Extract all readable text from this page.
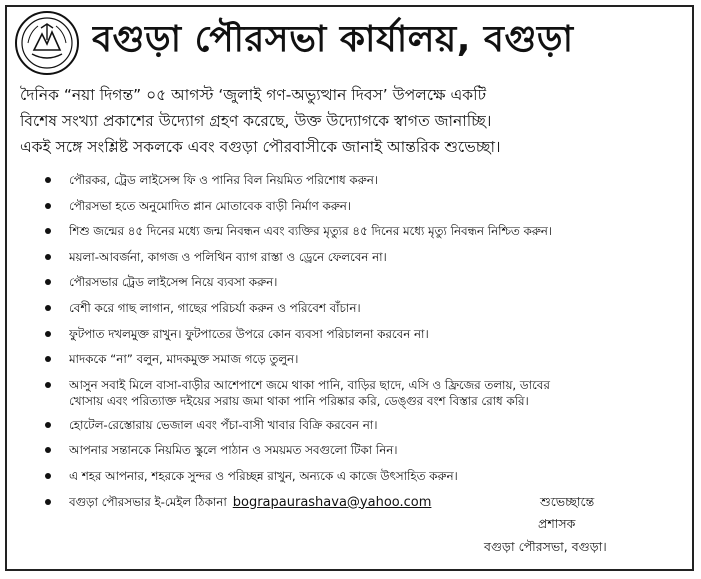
বগুড়া পৌরসভা কার্যালয়, বগুড়া
দৈনিক “নয়া দিগন্ত” ০৫ আগস্ট ‘জুলাই গণ-অভ্যুত্থান দিবস’ উপলক্ষে একটি
বিশেষ সংখ্যা প্রকাশের উদ্যোগ গ্রহণ করেছে, উক্ত উদ্যোগকে স্বাগত জানাচ্ছি।
একই সঙ্গে সংশ্লিষ্ট সকলকে এবং বগুড়া পৌরবাসীকে জানাই আন্তরিক শুভেচ্ছা।
পৌরকর, ট্রেড লাইসেন্স ফি ও পানির বিল নিয়মিত পরিশোধ করুন।
পৌরসভা হতে অনুমোদিত প্লান মোতাবেক বাড়ী নির্মাণ করুন।
শিশু জন্মের ৪৫ দিনের মধ্যে জন্ম নিবন্ধন এবং ব্যক্তির মৃত্যুর ৪৫ দিনের মধ্যে মৃত্যু নিবন্ধন নিশ্চিত করুন।
ময়লা-আবর্জনা, কাগজ ও পলিথিন ব্যাগ রাস্তা ও ড্রেনে ফেলবেন না।
পৌরসভার ট্রেড লাইসেন্স নিয়ে ব্যবসা করুন।
বেশী করে গাছ লাগান, গাছের পরিচর্যা করুন ও পরিবেশ বাঁচান।
ফুটপাত দখলমুক্ত রাখুন। ফুটপাতের উপরে কোন ব্যবসা পরিচালনা করবেন না।
মাদককে “না” বলুন, মাদকমুক্ত সমাজ গড়ে তুলুন।
আসুন সবাই মিলে বাসা-বাড়ীর আশেপাশে জমে থাকা পানি, বাড়ির ছাদে, এসি ও ফ্রিজের তলায়, ডাবের
খোসায় এবং পরিত্যাক্ত দইয়ের সরায় জমা থাকা পানি পরিষ্কার করি, ডেঙ্গুর বংশ বিস্তার রোধ করি।
হোটেল-রেস্তোরায় ভেজাল এবং পঁচা-বাসী খাবার বিক্রি করবেন না।
আপনার সন্তানকে নিয়মিত স্কুলে পাঠান ও সময়মত সবগুলো টিকা নিন।
এ শহর আপনার, শহরকে সুন্দর ও পরিচ্ছন্ন রাখুন, অন্যকে এ কাজে উৎসাহিত করুন।
বগুড়া পৌরসভার ই-মেইল ঠিকানা bograpaurashava@yahoo.com	শুভেচ্ছান্তে
প্রশাসক
বগুড়া পৌরসভা, বগুড়া।
